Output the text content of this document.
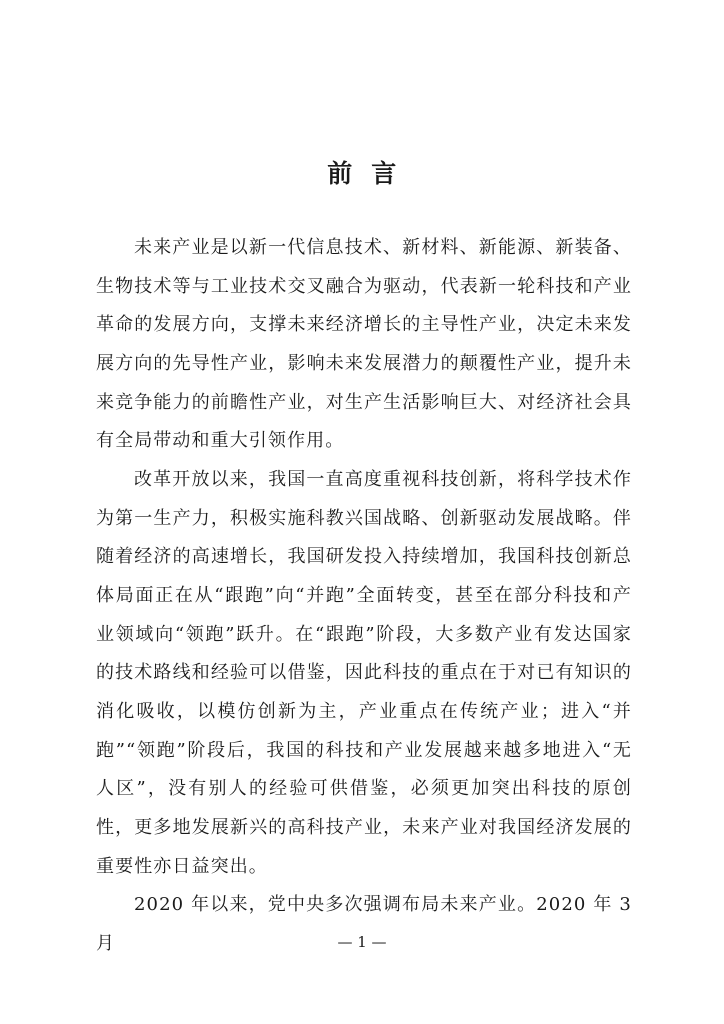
前  言

未来产业是以新一代信息技术、新材料、新能源、新装备、生物技术等与工业技术交叉融合为驱动，代表新一轮科技和产业革命的发展方向，支撑未来经济增长的主导性产业，决定未来发展方向的先导性产业，影响未来发展潜力的颠覆性产业，提升未来竞争能力的前瞻性产业，对生产生活影响巨大、对经济社会具有全局带动和重大引领作用。

改革开放以来，我国一直高度重视科技创新，将科学技术作为第一生产力，积极实施科教兴国战略、创新驱动发展战略。伴随着经济的高速增长，我国研发投入持续增加，我国科技创新总体局面正在从“跟跑”向“并跑”全面转变，甚至在部分科技和产业领域向“领跑”跃升。在“跟跑”阶段，大多数产业有发达国家的技术路线和经验可以借鉴，因此科技的重点在于对已有知识的消化吸收，以模仿创新为主，产业重点在传统产业；进入“并跑”“领跑”阶段后，我国的科技和产业发展越来越多地进入“无人区”，没有别人的经验可供借鉴，必须更加突出科技的原创性，更多地发展新兴的高科技产业，未来产业对我国经济发展的重要性亦日益突出。

2020 年以来，党中央多次强调布局未来产业。2020 年 3 月	— 1 —
